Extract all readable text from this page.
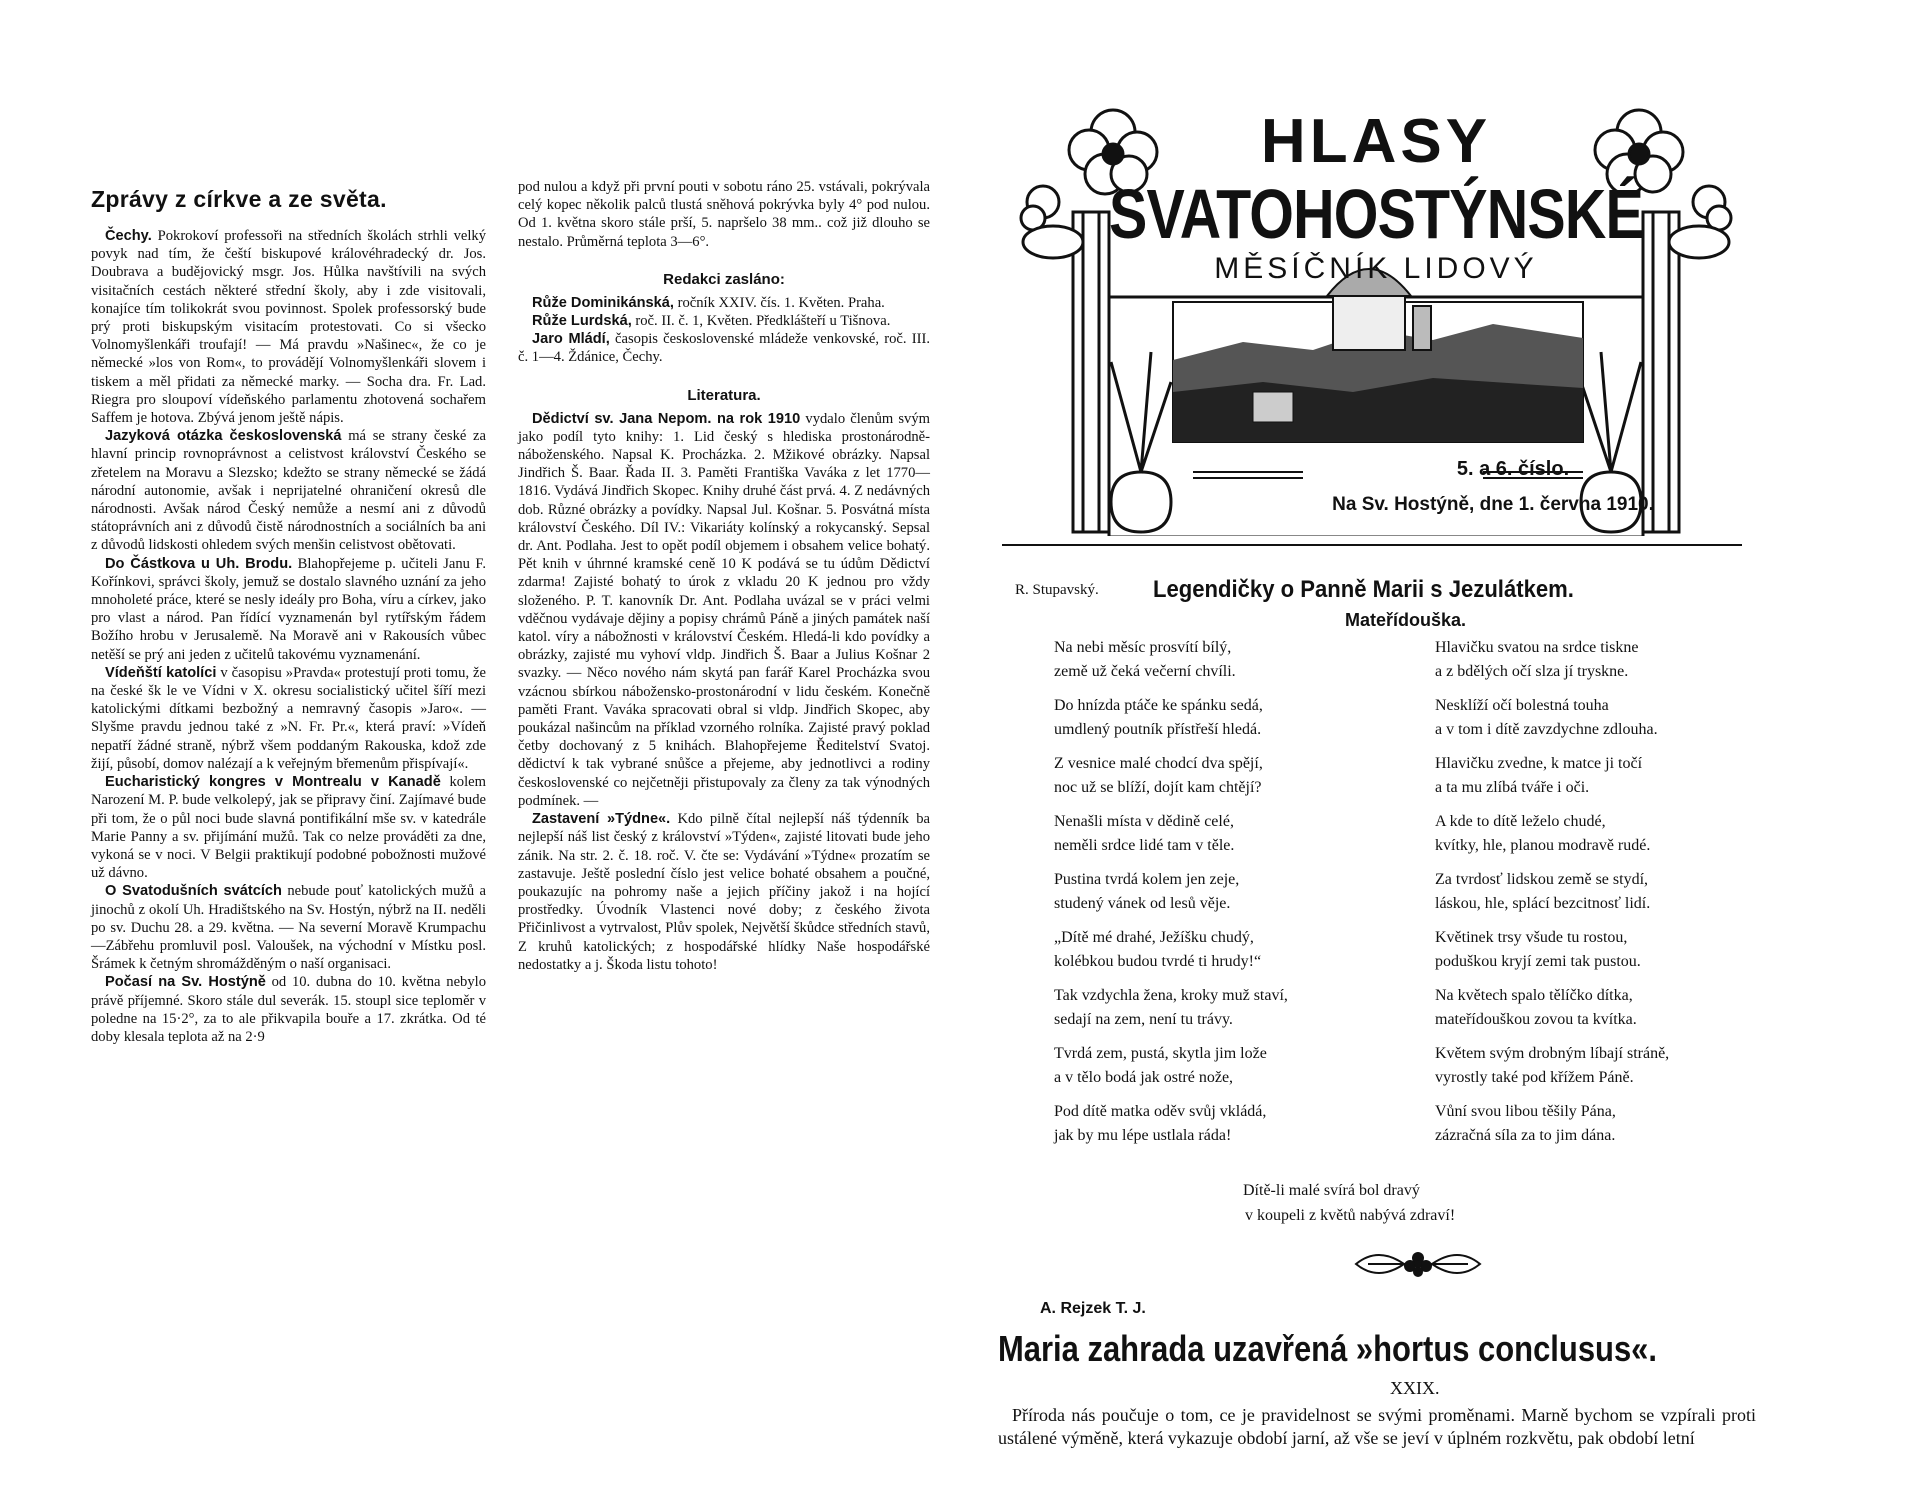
Zprávy z církve a ze světa.

Čechy. Pokrokoví professoři na středních školách strhli velký povyk nad tím, že čeští biskupové královéhradecký dr. Jos. Doubrava a budějovický msgr. Jos. Hůlka navštívili na svých visitačních cestách některé střední školy, aby i zde visitovali, konajíce tím tolikokrát svou povinnost. Spolek professorský bude prý proti biskupským visitacím protestovati. Co si všecko Volnomyšlenkáři troufají! — Má pravdu »Našinec«, že co je německé »los von Rom«, to provádějí Volnomyšlenkáři slovem i tiskem a měl přidati za německé marky. — Socha dra. Fr. Lad. Riegra pro sloupoví vídeňského parlamentu zhotovená sochařem Saffem je hotova. Zbývá jenom ještě nápis.

Jazyková otázka československá má se strany české za hlavní princip rovnoprávnost a celistvost království Českého se zřetelem na Moravu a Slezsko; kdežto se strany německé se žádá národní autonomie, avšak i neprijatelné ohraničení okresů dle národnosti. Avšak národ Český nemůže a nesmí ani z důvodů státoprávních ani z důvodů čistě národnostních a sociálních ba ani z důvodů lidskosti ohledem svých menšin celistvost obětovati.

Do Částkova u Uh. Brodu. Blahopřejeme p. učiteli Janu F. Kořínkovi, správci školy, jemuž se dostalo slavného uznání za jeho mnoholeté práce, které se nesly ideály pro Boha, víru a církev, jako pro vlast a národ. Pan řídící vyznamenán byl rytířským řádem Božího hrobu v Jerusalemě. Na Moravě ani v Rakousích vůbec netěší se prý ani jeden z učitelů takovému vyznamenání.

Vídeňští katolíci v časopisu »Pravda« protestují proti tomu, že na české šk le ve Vídni v X. okresu socialistický učitel šíří mezi katolickými dítkami bezbožný a nemravný časopis »Jaro«. — Slyšme pravdu jednou také z »N. Fr. Pr.«, která praví: »Vídeň nepatří žádné straně, nýbrž všem poddaným Rakouska, kdož zde žijí, působí, domov nalézají a k veřejným břemenům přispívají«.

Eucharistický kongres v Montrealu v Kanadě kolem Narození M. P. bude velkolepý, jak se připravy činí. Zajímavé bude při tom, že o půl noci bude slavná pontifikální mše sv. v katedrále Marie Panny a sv. přijímání mužů. Tak co nelze prováděti za dne, vykoná se v noci. V Belgii praktikují podobné pobožnosti mužové už dávno.

O Svatodušních svátcích nebude pouť katolických mužů a jinochů z okolí Uh. Hradištského na Sv. Hostýn, nýbrž na II. neděli po sv. Duchu 28. a 29. května. — Na severní Moravě Krumpachu—Zábřehu promluvil posl. Valoušek, na východní v Místku posl. Šrámek k četným shromážděným o naší organisaci.

Počasí na Sv. Hostýně od 10. dubna do 10. května nebylo právě příjemné. Skoro stále dul severák. 15. stoupl sice teploměr v poledne na 15·2°, za to ale přikvapila bouře a 17. zkrátka. Od té doby klesala teplota až na 2·9

pod nulou a když při první pouti v sobotu ráno 25. vstávali, pokrývala celý kopec několik palců tlustá sněhová pokrývka byly 4° pod nulou. Od 1. května skoro stále prší, 5. napršelo 38 mm.. což již dlouho se nestalo. Průměrná teplota 3—6°.

Redakci zasláno:

Růže Dominikánská, ročník XXIV. čís. 1. Květen. Praha.

Růže Lurdská, roč. II. č. 1, Květen. Předklášteří u Tišnova.

Jaro Mládí, časopis československé mládeže venkovské, roč. III. č. 1—4. Ždánice, Čechy.

Literatura.

Dědictví sv. Jana Nepom. na rok 1910 vydalo členům svým jako podíl tyto knihy: 1. Lid český s hlediska prostonárodně-náboženského. Napsal K. Procházka. 2. Mžikové obrázky. Napsal Jindřich Š. Baar. Řada II. 3. Paměti Františka Vaváka z let 1770—1816. Vydává Jindřich Skopec. Knihy druhé část prvá. 4. Z nedávných dob. Různé obrázky a povídky. Napsal Jul. Košnar. 5. Posvátná místa království Českého. Díl IV.: Vikariáty kolínský a rokycanský. Sepsal dr. Ant. Podlaha. Jest to opět podíl objemem i obsahem velice bohatý. Pět knih v úhrnné kramské ceně 10 K podává se tu údům Dědictví zdarma! Zajisté bohatý to úrok z vkladu 20 K jednou pro vždy složeného. P. T. kanovník Dr. Ant. Podlaha uvázal se v práci velmi vděčnou vydávaje dějiny a popisy chrámů Páně a jiných památek naší katol. víry a nábožnosti v království Českém. Hledá-li kdo povídky a obrázky, zajisté mu vyhoví vldp. Jindřich Š. Baar a Julius Košnar 2 svazky. — Něco nového nám skytá pan farář Karel Procházka svou vzácnou sbírkou nábožensko-prostonárodní v lidu českém. Konečně paměti Frant. Vaváka spracovati obral si vldp. Jindřich Skopec, aby poukázal našincům na příklad vzorného rolníka. Zajisté pravý poklad četby dochovaný z 5 knihách. Blahopřejeme Ředitelství Svatoj. dědictví k tak vybrané snůšce a přejeme, aby jednotlivci a rodiny československé co nejčetněji přistupovaly za členy za tak výnodných podmínek. —

Zastavení »Týdne«. Kdo pilně čítal nejlepší náš týdenník ba nejlepší náš list český z království »Týden«, zajisté litovati bude jeho zánik. Na str. 2. č. 18. roč. V. čte se: Vydávání »Týdne« prozatím se zastavuje. Ještě poslední číslo jest velice bohaté obsahem a poučné, poukazujíc na pohromy naše a jejich příčiny jakož i na hojící prostředky. Úvodník Vlastenci nové doby; z českého života Přičinlivost a vytrvalost, Plův spolek, Největší škůdce středních stavů, Z kruhů katolických; z hospodářské hlídky Naše hospodářské nedostatky a j. Škoda listu tohoto!

HLASY
SVATOHOSTÝNSKÉ
MĚSÍČNÍK LIDOVÝ
5. a 6. číslo.
Na Sv. Hostýně, dne 1. června 1910.
R. Stupavský. Legendičky o Panně Marii s Jezulátkem.
Mateřídouška.
Na nebi měsíc prosvítí bílý,
země už čeká večerní chvíli.
Do hnízda ptáče ke spánku sedá,
umdlený poutník přístřeší hledá.
Z vesnice malé chodcí dva spějí,
noc už se blíží, dojít kam chtějí?
Nenašli místa v dědině celé,
neměli srdce lidé tam v těle.
Pustina tvrdá kolem jen zeje,
studený vánek od lesů věje.
„Dítě mé drahé, Ježíšku chudý,
kolébkou budou tvrdé ti hrudy!“
Tak vzdychla žena, kroky muž staví,
sedají na zem, není tu trávy.
Tvrdá zem, pustá, skytla jim lože
a v tělo bodá jak ostré nože,
Pod dítě matka oděv svůj vkládá,
jak by mu lépe ustlala ráda!
Hlavičku svatou na srdce tiskne
a z bdělých očí slza jí trysknе.
Nesklíží očí bolestná touha
a v tom i dítě zavzdychne zdlouha.
Hlavičku zvedne, k matce ji točí
a ta mu zlíbá tváře i oči.
A kde to dítě leželo chudé,
kvítky, hle, planou modravě rudé.
Za tvrdosť lidskou země se stydí,
láskou, hle, splácí bezcitnosť lidí.
Květinek trsy všude tu rostou,
poduškou kryjí zemi tak pustou.
Na květech spalo tělíčko dítka,
mateřídouškou zovou ta kvítka.
Květem svým drobným líbají stráně,
vyrostly také pod křížem Páně.
Vůní svou libou těšily Pána,
zázračná síla za to jim dána.
Dítě-li malé svírá bol dravý
v koupeli z květů nabývá zdraví!
A. Rejzek T. J.
Maria zahrada uzavřená »hortus conclusus«.
XXIX.

Příroda nás poučuje o tom, ce je pravidelnost se svými proměnami. Marně bychom se vzpírali proti ustálené výměně, která vykazuje období jarní, až vše se jeví v úplném rozkvětu, pak období letní
